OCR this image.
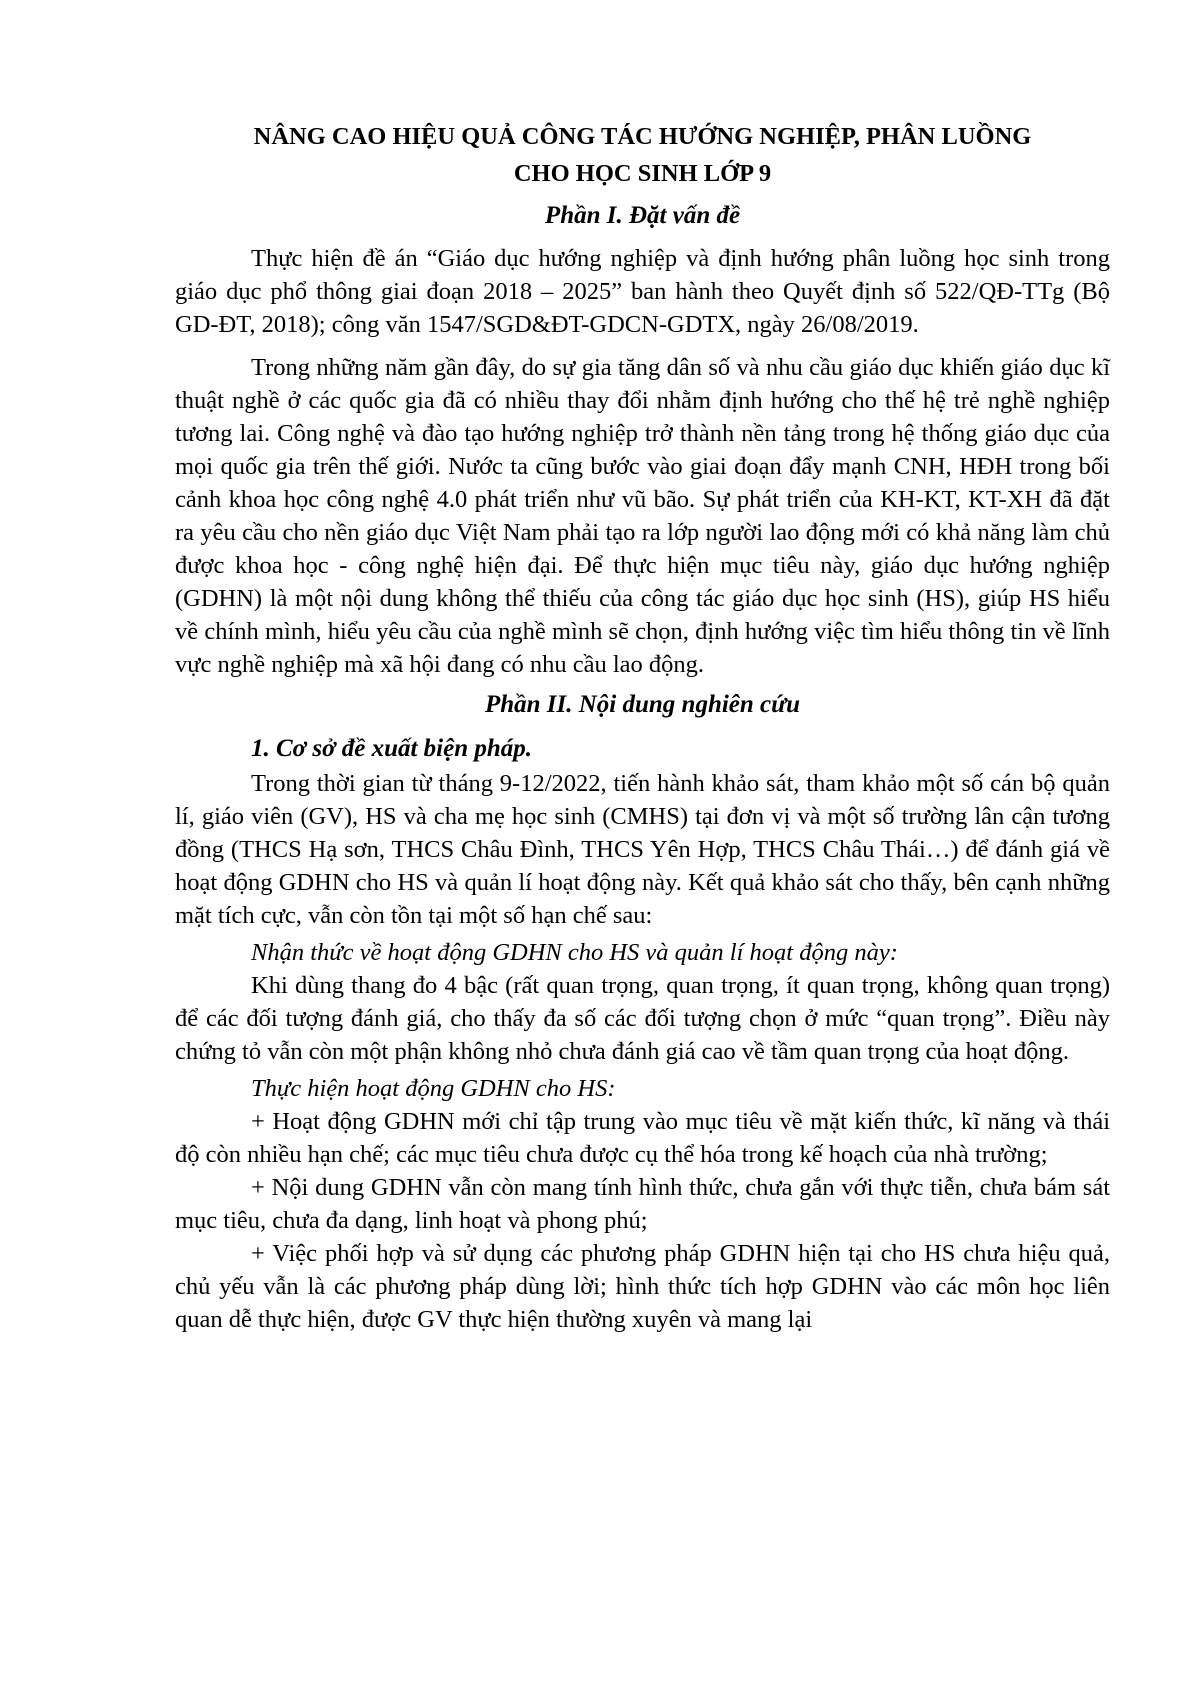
NÂNG CAO HIỆU QUẢ CÔNG TÁC HƯỚNG NGHIỆP, PHÂN LUỒNG
CHO HỌC SINH LỚP 9
Phần I. Đặt vấn đề

Thực hiện đề án “Giáo dục hướng nghiệp và định hướng phân luồng học sinh trong giáo dục phổ thông giai đoạn 2018 – 2025” ban hành theo Quyết định số 522/QĐ-TTg (Bộ GD-ĐT, 2018); công văn 1547/SGD&ĐT-GDCN-GDTX, ngày 26/08/2019.

Trong những năm gần đây, do sự gia tăng dân số và nhu cầu giáo dục khiến giáo dục kĩ thuật nghề ở các quốc gia đã có nhiều thay đổi nhằm định hướng cho thế hệ trẻ nghề nghiệp tương lai. Công nghệ và đào tạo hướng nghiệp trở thành nền tảng trong hệ thống giáo dục của mọi quốc gia trên thế giới. Nước ta cũng bước vào giai đoạn đẩy mạnh CNH, HĐH trong bối cảnh khoa học công nghệ 4.0 phát triển như vũ bão. Sự phát triển của KH-KT, KT-XH đã đặt ra yêu cầu cho nền giáo dục Việt Nam phải tạo ra lớp người lao động mới có khả năng làm chủ được khoa học - công nghệ hiện đại. Để thực hiện mục tiêu này, giáo dục hướng nghiệp (GDHN) là một nội dung không thể thiếu của công tác giáo dục học sinh (HS), giúp HS hiểu về chính mình, hiểu yêu cầu của nghề mình sẽ chọn, định hướng việc tìm hiểu thông tin về lĩnh vực nghề nghiệp mà xã hội đang có nhu cầu lao động.

Phần II. Nội dung nghiên cứu
1. Cơ sở đề xuất biện pháp.

Trong thời gian từ tháng 9-12/2022, tiến hành khảo sát, tham khảo một số cán bộ quản lí, giáo viên (GV), HS và cha mẹ học sinh (CMHS) tại đơn vị và một số trường lân cận tương đồng (THCS Hạ sơn, THCS Châu Đình, THCS Yên Hợp, THCS Châu Thái…) để đánh giá về hoạt động GDHN cho HS và quản lí hoạt động này. Kết quả khảo sát cho thấy, bên cạnh những mặt tích cực, vẫn còn tồn tại một số hạn chế sau:

Nhận thức về hoạt động GDHN cho HS và quản lí hoạt động này:

Khi dùng thang đo 4 bậc (rất quan trọng, quan trọng, ít quan trọng, không quan trọng) để các đối tượng đánh giá, cho thấy đa số các đối tượng chọn ở mức “quan trọng”. Điều này chứng tỏ vẫn còn một phận không nhỏ chưa đánh giá cao về tầm quan trọng của hoạt động.

Thực hiện hoạt động GDHN cho HS:

+ Hoạt động GDHN mới chỉ tập trung vào mục tiêu về mặt kiến thức, kĩ năng và thái độ còn nhiều hạn chế; các mục tiêu chưa được cụ thể hóa trong kế hoạch của nhà trường;

+ Nội dung GDHN vẫn còn mang tính hình thức, chưa gắn với thực tiễn, chưa bám sát mục tiêu, chưa đa dạng, linh hoạt và phong phú;

+ Việc phối hợp và sử dụng các phương pháp GDHN hiện tại cho HS chưa hiệu quả, chủ yếu vẫn là các phương pháp dùng lời; hình thức tích hợp GDHN vào các môn học liên quan dễ thực hiện, được GV thực hiện thường xuyên và mang lại
